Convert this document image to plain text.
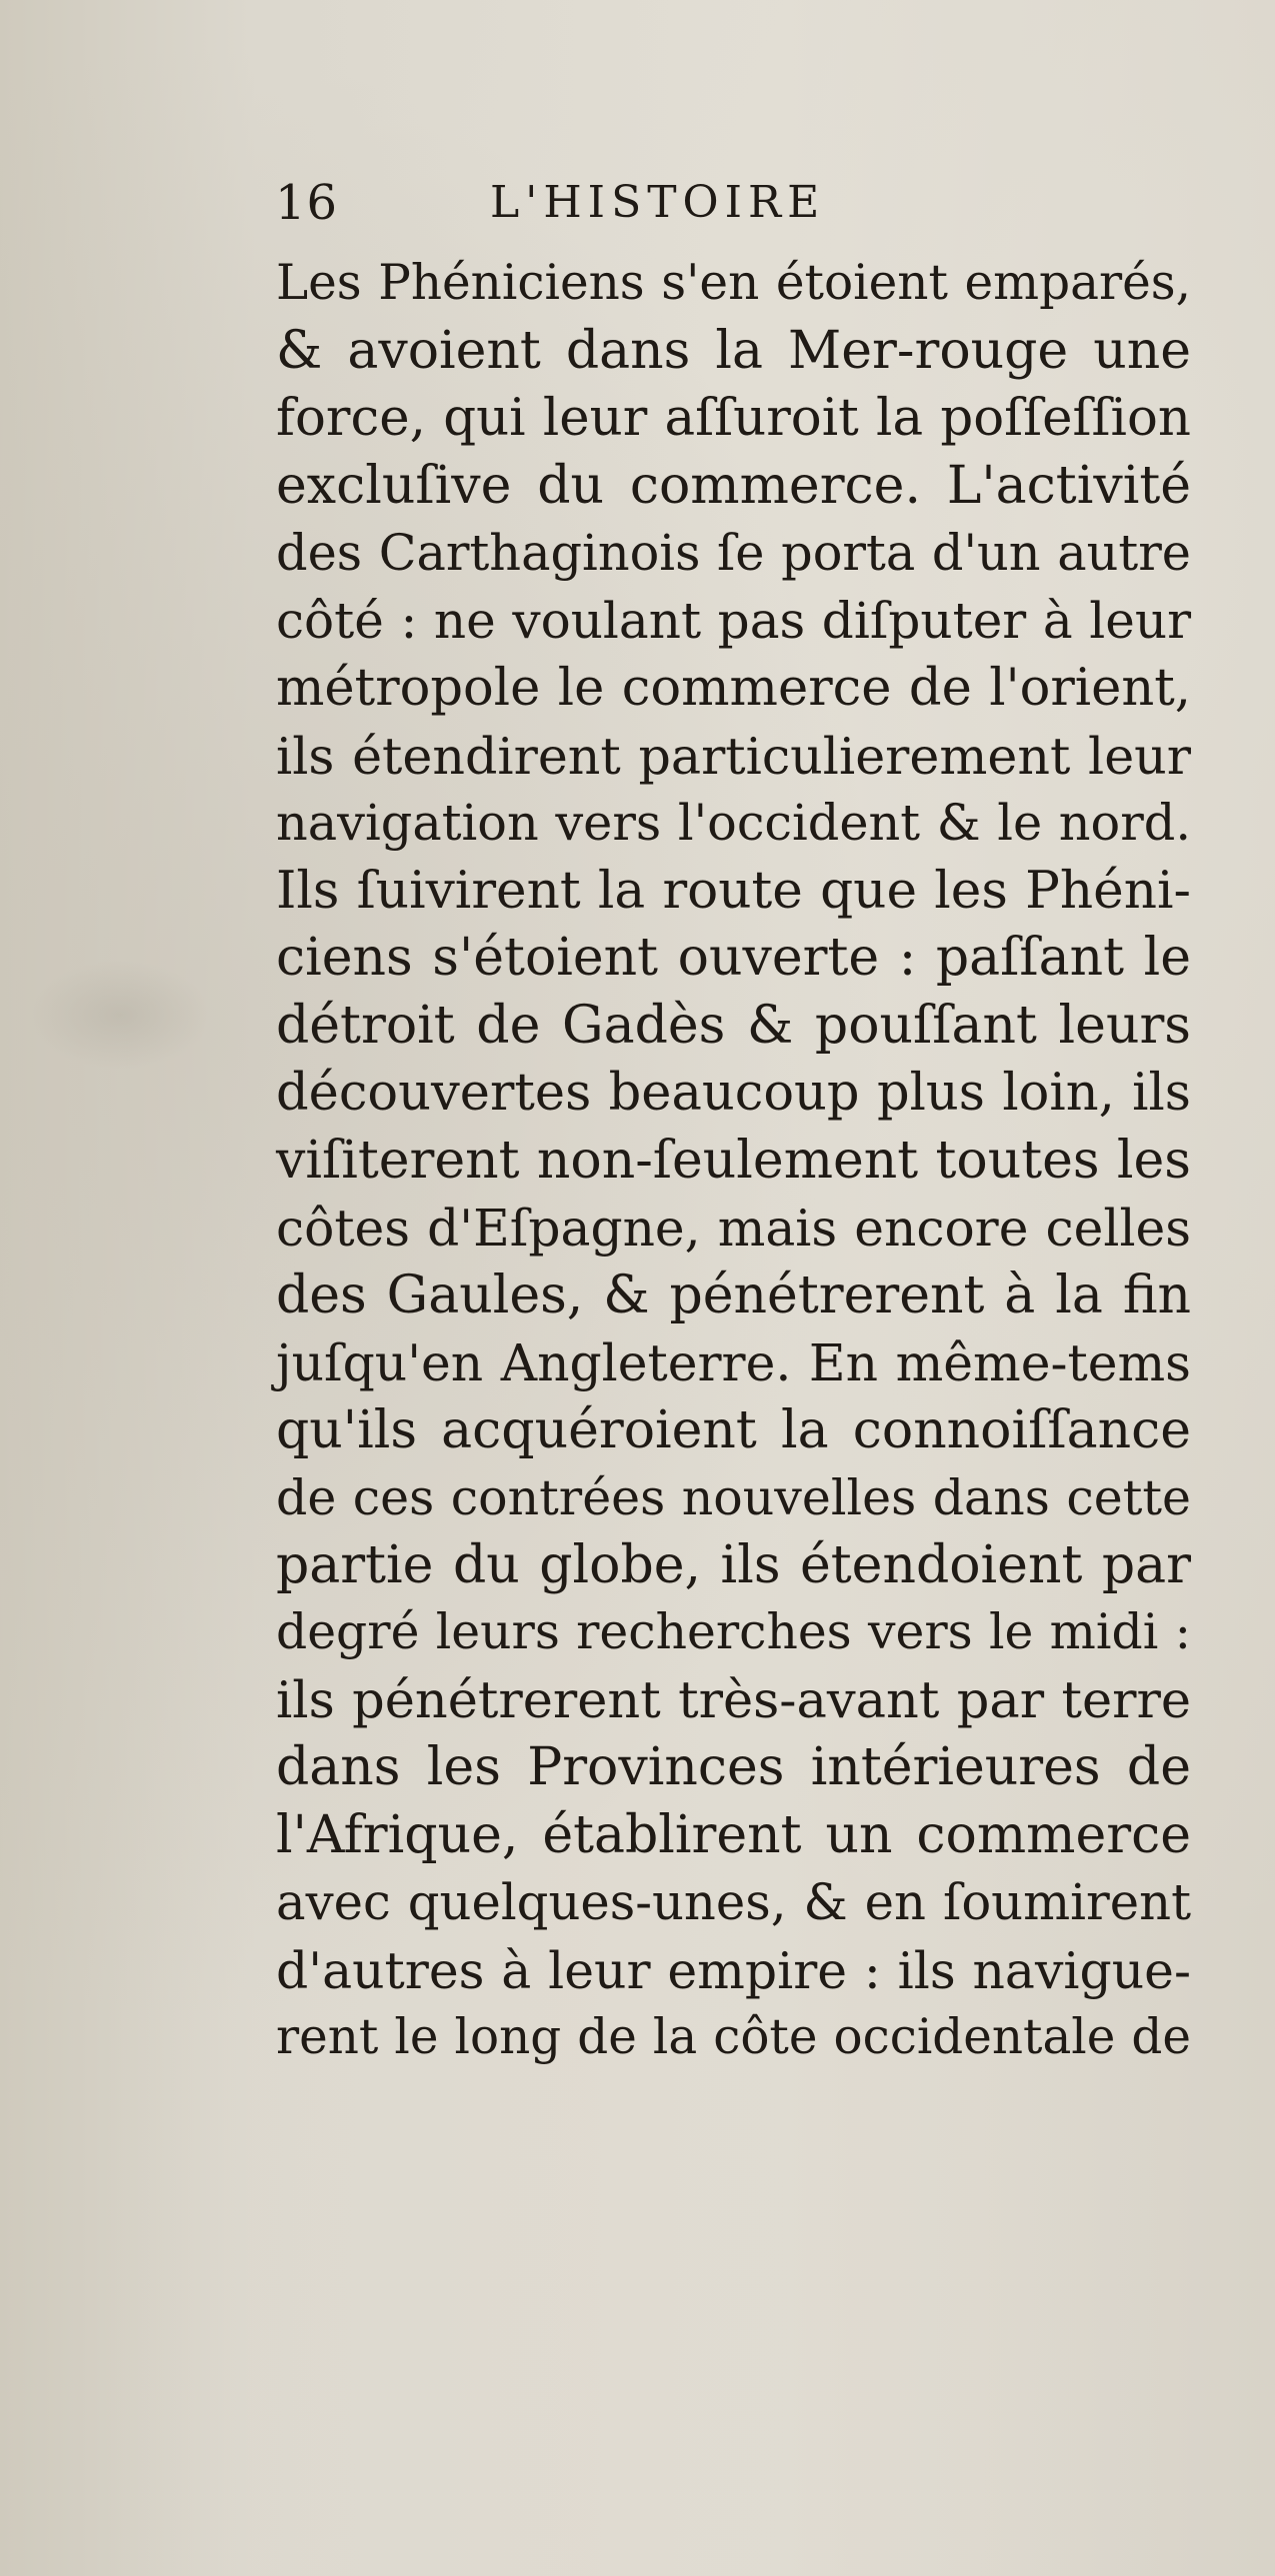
16	L'HISTOIRE
Les Phéniciens s'en étoient emparés,
& avoient dans la Mer-rouge une
force, qui leur aſſuroit la poſſeſſion
excluſive du commerce. L'activité
des Carthaginois ſe porta d'un autre
côté : ne voulant pas diſputer à leur
métropole le commerce de l'orient,
ils étendirent particulierement leur
navigation vers l'occident & le nord.
Ils ſuivirent la route que les Phéni-
ciens s'étoient ouverte : paſſant le
détroit de Gadès & pouſſant leurs
découvertes beaucoup plus loin, ils
viſiterent non-ſeulement toutes les
côtes d'Eſpagne, mais encore celles
des Gaules, & pénétrerent à la fin
juſqu'en Angleterre. En même-tems
qu'ils acquéroient la connoiſſance
de ces contrées nouvelles dans cette
partie du globe, ils étendoient par
degré leurs recherches vers le midi :
ils pénétrerent très-avant par terre
dans les Provinces intérieures de
l'Afrique, établirent un commerce
avec quelques-unes, & en ſoumirent
d'autres à leur empire : ils navigue-
rent le long de la côte occidentale de
